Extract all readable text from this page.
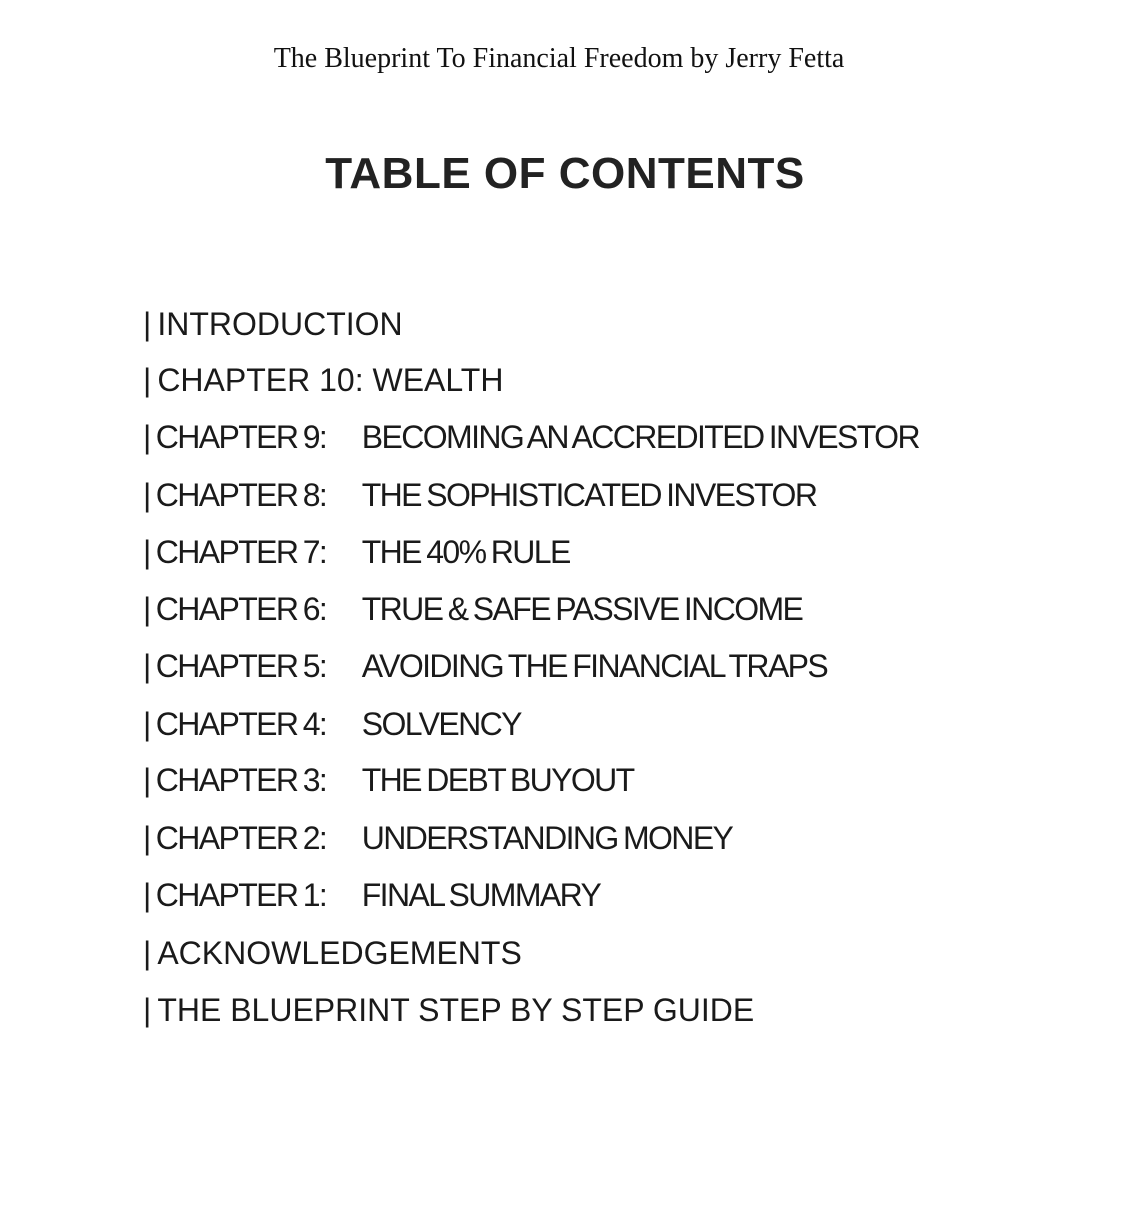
The Blueprint To Financial Freedom by Jerry Fetta
TABLE OF CONTENTS
| INTRODUCTION
| CHAPTER 10: WEALTH
| CHAPTER 9: BECOMING AN ACCREDITED INVESTOR
| CHAPTER 8: THE SOPHISTICATED INVESTOR
| CHAPTER 7: THE 40% RULE
| CHAPTER 6: TRUE & SAFE PASSIVE INCOME
| CHAPTER 5: AVOIDING THE FINANCIAL TRAPS
| CHAPTER 4: SOLVENCY
| CHAPTER 3: THE DEBT BUYOUT
| CHAPTER 2: UNDERSTANDING MONEY
| CHAPTER 1: FINAL SUMMARY
| ACKNOWLEDGEMENTS
| THE BLUEPRINT STEP BY STEP GUIDE
